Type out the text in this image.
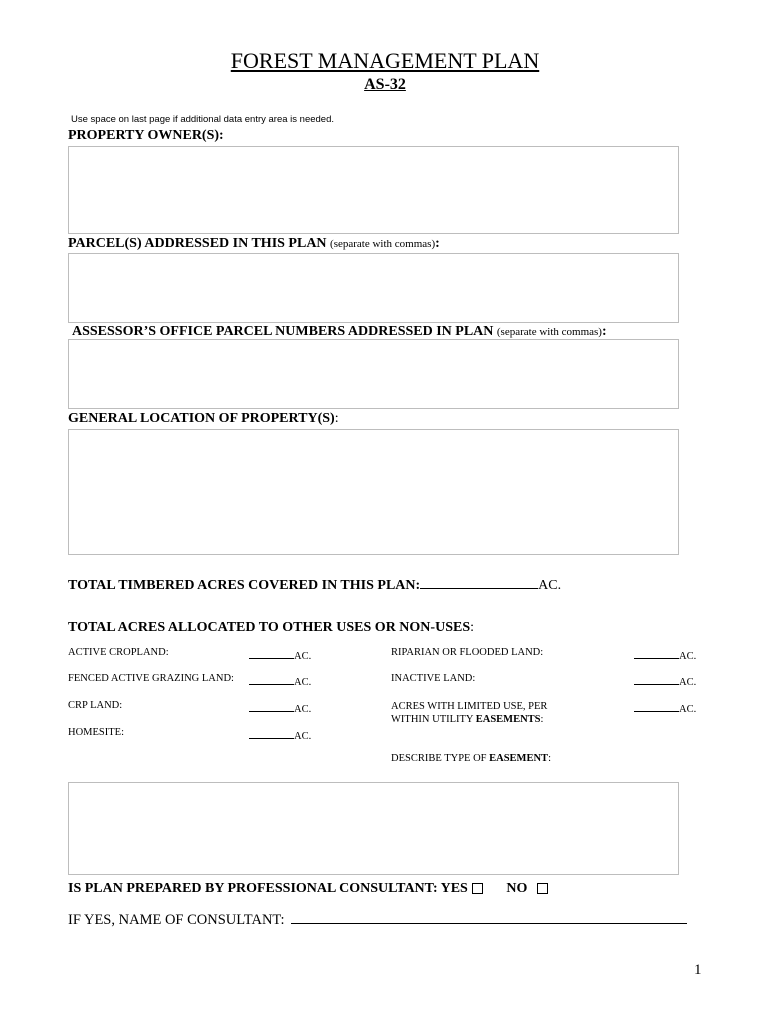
FOREST MANAGEMENT PLAN
AS-32
Use space on last page if additional data entry area is needed.
PROPERTY OWNER(S):
PARCEL(S) ADDRESSED IN THIS PLAN (separate with commas):
ASSESSOR’S OFFICE PARCEL NUMBERS ADDRESSED IN PLAN (separate with commas):
GENERAL LOCATION OF PROPERTY(S):
TOTAL TIMBERED ACRES COVERED IN THIS PLAN:	AC.
TOTAL ACRES ALLOCATED TO OTHER USES OR NON-USES:
ACTIVE CROPLAND:	AC.
FENCED ACTIVE GRAZING LAND:	AC.
CRP LAND:	AC.
HOMESITE:	AC.
RIPARIAN OR FLOODED LAND:	AC.
INACTIVE LAND:	AC.
ACRES WITH LIMITED USE, PER
WITHIN UTILITY EASEMENTS:
AC.
DESCRIBE TYPE OF EASEMENT:
IS PLAN PREPARED BY PROFESSIONAL CONSULTANT: YES	NO
IF YES, NAME OF CONSULTANT:
1
